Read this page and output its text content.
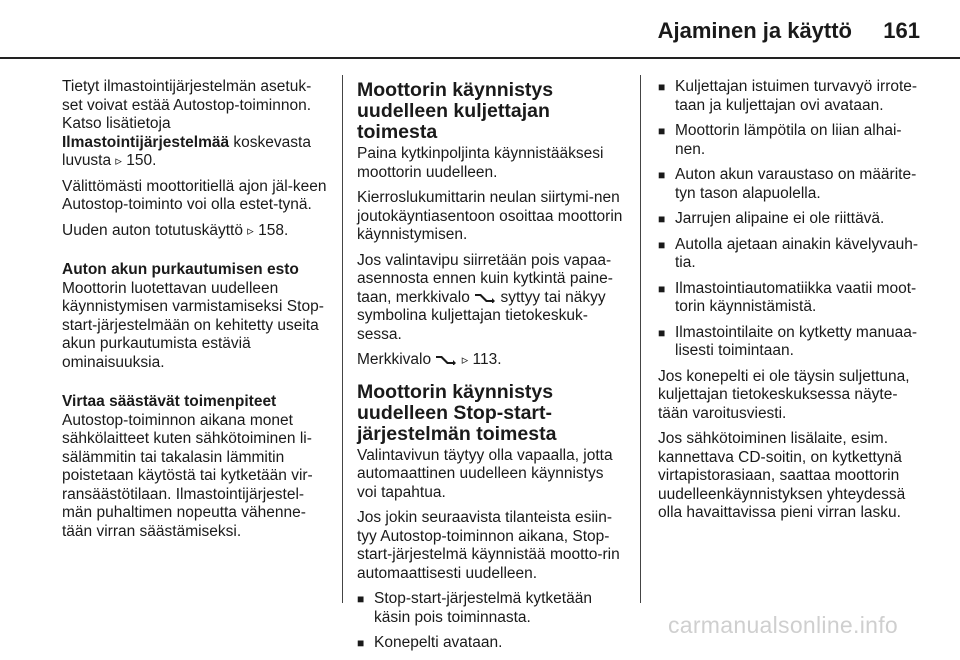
Ajaminen ja käyttö 161

Tietyt ilmastointijärjestelmän asetuk-set voivat estää Autostop-toiminnon. Katso lisätietoja
Ilmastointijärjestelmää koskevasta luvusta ▹ 150.

Välittömästi moottoritiellä ajon jäl-keen Autostop-toiminto voi olla estet-tynä.

Uuden auton totutuskäyttö ▹ 158.

Auton akun purkautumisen esto

Moottorin luotettavan uudelleen käynnistymisen varmistamiseksi Stop-start-järjestelmään on kehitetty useita akun purkautumista estäviä ominaisuuksia.

Virtaa säästävät toimenpiteet

Autostop-toiminnon aikana monet sähkölaitteet kuten sähkötoiminen li-sälämmitin tai takalasin lämmitin poistetaan käytöstä tai kytketään vir-ransäästötilaan. Ilmastointijärjestel-män puhaltimen nopeutta vähenne-tään virran säästämiseksi.

Moottorin käynnistys uudelleen kuljettajan toimesta

Paina kytkinpoljinta käynnistääksesi moottorin uudelleen.

Kierroslukumittarin neulan siirtymi-nen joutokäyntiasentoon osoittaa moottorin käynnistymisen.

Jos valintavipu siirretään pois vapaa-asennosta ennen kuin kytkintä paine-taan, merkkivalo  syttyy tai näkyy symbolina kuljettajan tietokeskuk-sessa.

Merkkivalo  ▹ 113.

Moottorin käynnistys uudelleen Stop-start-järjestelmän toimesta

Valintavivun täytyy olla vapaalla, jotta automaattinen uudelleen käynnistys voi tapahtua.

Jos jokin seuraavista tilanteista esiin-tyy Autostop-toiminnon aikana, Stop-start-järjestelmä käynnistää mootto-rin automaattisesti uudelleen.

■ Stop-start-järjestelmä kytketään käsin pois toiminnasta.
■ Konepelti avataan.
■ Kuljettajan istuimen turvavyö irrote-taan ja kuljettajan ovi avataan.
■ Moottorin lämpötila on liian alhai-nen.
■ Auton akun varaustaso on määrite-tyn tason alapuolella.
■ Jarrujen alipaine ei ole riittävä.
■ Autolla ajetaan ainakin kävelyvauh-tia.
■ Ilmastointiautomatiikka vaatii moot-torin käynnistämistä.
■ Ilmastointilaite on kytketty manuaa-lisesti toimintaan.

Jos konepelti ei ole täysin suljettuna, kuljettajan tietokeskuksessa näyte-tään varoitusviesti.

Jos sähkötoiminen lisälaite, esim. kannettava CD-soitin, on kytkettynä virtapistorasiaan, saattaa moottorin uudelleenkäynnistyksen yhteydessä olla havaittavissa pieni virran lasku.

carmanualsonline.info
